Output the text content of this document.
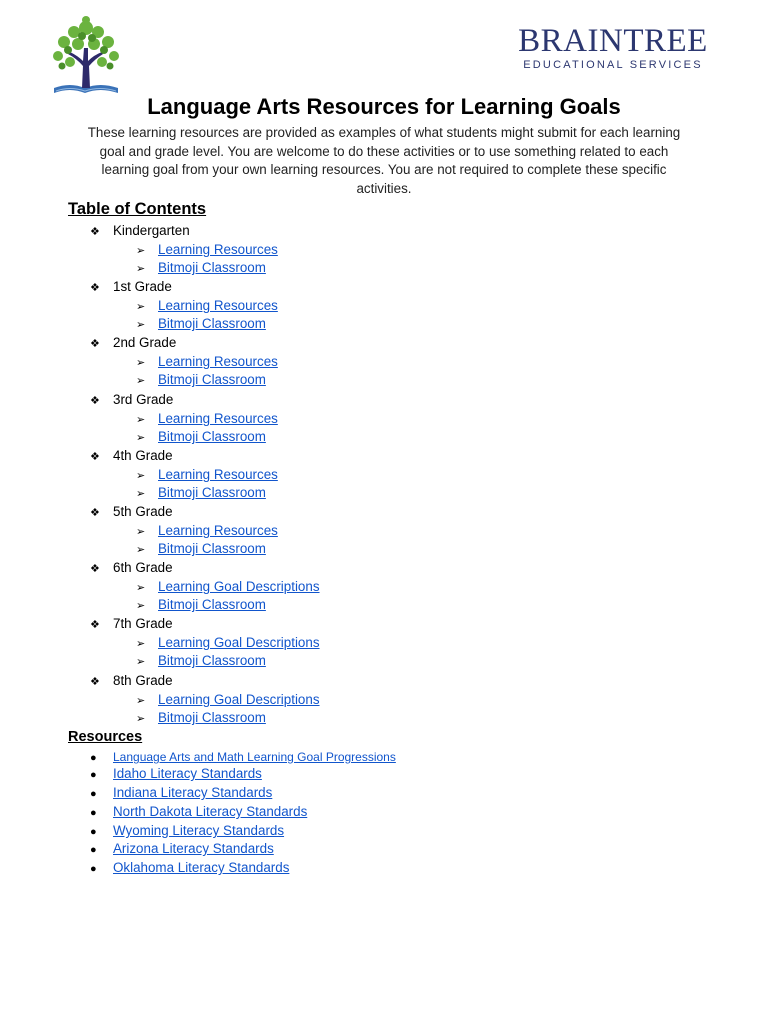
BRAINTREE
EDUCATIONAL SERVICES
Language Arts Resources for Learning Goals

These learning resources are provided as examples of what students might submit for each learning goal and grade level. You are welcome to do these activities or to use something related to each learning goal from your own learning resources. You are not required to complete these specific activities.

Table of Contents
❖ Kindergarten
➢ Learning Resources
➢ Bitmoji Classroom
❖ 1st Grade
➢ Learning Resources
➢ Bitmoji Classroom
❖ 2nd Grade
➢ Learning Resources
➢ Bitmoji Classroom
❖ 3rd Grade
➢ Learning Resources
➢ Bitmoji Classroom
❖ 4th Grade
➢ Learning Resources
➢ Bitmoji Classroom
❖ 5th Grade
➢ Learning Resources
➢ Bitmoji Classroom
❖ 6th Grade
➢ Learning Goal Descriptions
➢ Bitmoji Classroom
❖ 7th Grade
➢ Learning Goal Descriptions
➢ Bitmoji Classroom
❖ 8th Grade
➢ Learning Goal Descriptions
➢ Bitmoji Classroom
Resources
● Language Arts and Math Learning Goal Progressions
● Idaho Literacy Standards
● Indiana Literacy Standards
● North Dakota Literacy Standards
● Wyoming Literacy Standards
● Arizona Literacy Standards
● Oklahoma Literacy Standards
